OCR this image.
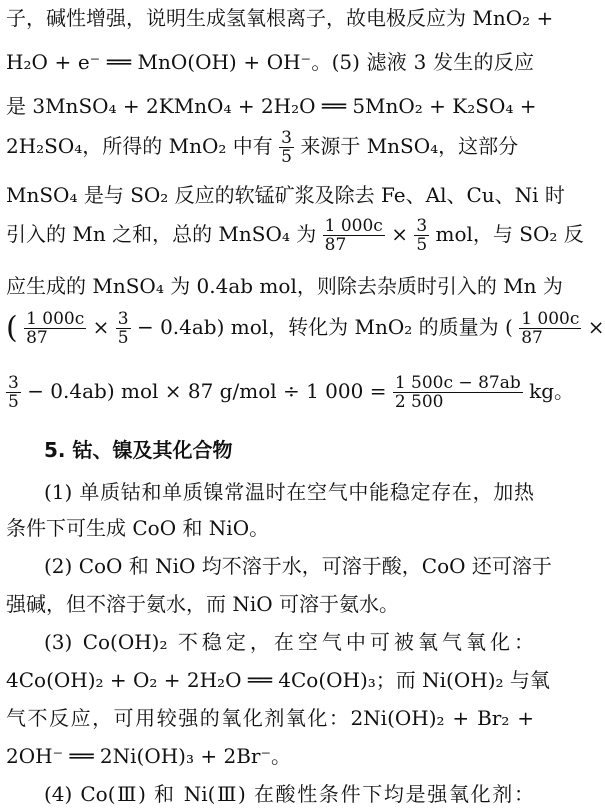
子，碱性增强，说明生成氢氧根离子，故电极反应为 MnO₂ +
H₂O + e⁻ ══ MnO(OH) + OH⁻。(5) 滤液 3 发生的反应
是 3MnSO₄ + 2KMnO₄ + 2H₂O ══ 5MnO₂ + K₂SO₄ +
2H₂SO₄，所得的 MnO₂ 中有 $\frac{3}{5}$ 来源于 MnSO₄，这部分
MnSO₄ 是与 SO₂ 反应的软锰矿浆及除去 Fe、Al、Cu、Ni 时
引入的 Mn 之和，总的 MnSO₄ 为 $\frac{1 000c}{87} \times \frac{3}{5}$ mol，与 SO₂ 反
应生成的 MnSO₄ 为 0.4ab mol，则除去杂质时引入的 Mn 为
( $\frac{1 000c}{87} \times \frac{3}{5} - 0.4ab$) mol，转化为 MnO₂ 的质量为 ( $\frac{1 000c}{87}$ ×
$\frac{3}{5} - 0.4ab$) mol × 87 g/mol ÷ 1 $000 = \frac{1 500c - 87ab}{2 500}$ kg。
5. 钴、镍及其化合物
(1) 单质钴和单质镍常温时在空气中能稳定存在，加热
条件下可生成 CoO 和 NiO。
(2) CoO 和 NiO 均不溶于水，可溶于酸，CoO 还可溶于
强碱，但不溶于氨水，而 NiO 可溶于氨水。
(3) Co(OH)₂ 不稳定，在空气中可被氧气氧化：
4Co(OH)₂ + O₂ + 2H₂O ══ 4Co(OH)₃；而 Ni(OH)₂ 与氧
气不反应，可用较强的氧化剂氧化：2Ni(OH)₂ + Br₂ +
2OH⁻ ══ 2Ni(OH)₃ + 2Br⁻。
(4) Co(Ⅲ) 和 Ni(Ⅲ) 在酸性条件下均是强氧化剂：
